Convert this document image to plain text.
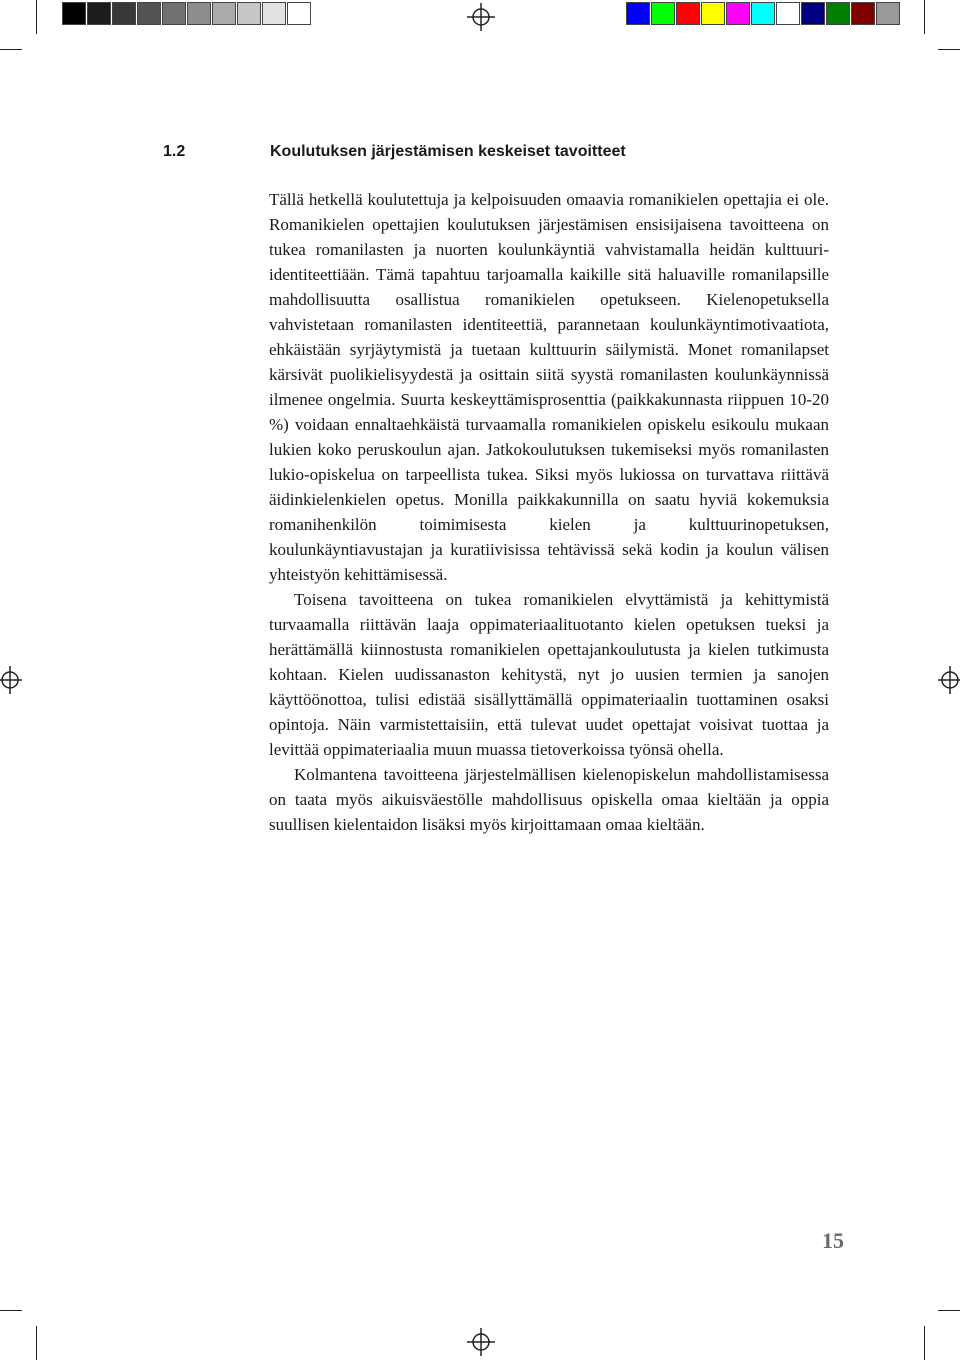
1.2	Koulutuksen järjestämisen keskeiset tavoitteet

Tällä hetkellä koulutettuja ja kelpoisuuden omaavia romanikielen opettajia ei ole. Romanikielen opettajien koulutuksen järjestämisen ensisijaisena tavoitteena on tukea romanilasten ja nuorten koulunkäyntiä vahvistamalla heidän kulttuuri-identiteettiään. Tämä tapahtuu tarjoamalla kaikille sitä haluaville romanilapsille mahdollisuutta osallistua romanikielen opetukseen. Kielenopetuksella vahvistetaan romanilasten identiteettiä, parannetaan koulunkäyntimotivaatiota, ehkäistään syrjäytymistä ja tuetaan kulttuurin säilymistä. Monet romanilapset kärsivät puolikielisyydestä ja osittain siitä syystä romanilasten koulunkäynnissä ilmenee ongelmia. Suurta keskeyttämisprosenttia (paikkakunnasta riippuen 10-20 %) voidaan ennaltaehkäistä turvaamalla romanikielen opiskelu esikoulu mukaan lukien koko peruskoulun ajan. Jatkokoulutuksen tukemiseksi myös romanilasten lukio-opiskelua on tarpeellista tukea. Siksi myös lukiossa on turvattava riittävä äidinkielenkielen opetus. Monilla paikkakunnilla on saatu hyviä kokemuksia romanihenkilön toimimisesta kielen ja kulttuurinopetuksen, koulunkäyntiavustajan ja kuratiivisissa tehtävissä sekä kodin ja koulun välisen yhteistyön kehittämisessä.

Toisena tavoitteena on tukea romanikielen elvyttämistä ja kehittymistä turvaamalla riittävän laaja oppimateriaalituotanto kielen opetuksen tueksi ja herättämällä kiinnostusta romanikielen opettajankoulutusta ja kielen tutkimusta kohtaan. Kielen uudissanaston kehitystä, nyt jo uusien termien ja sanojen käyttöönottoa, tulisi edistää sisällyttämällä oppimateriaalin tuottaminen osaksi opintoja. Näin varmistettaisiin, että tulevat uudet opettajat voisivat tuottaa ja levittää oppimateriaalia muun muassa tietoverkoissa työnsä ohella.

Kolmantena tavoitteena järjestelmällisen kielenopiskelun mahdollistamisessa on taata myös aikuisväestölle mahdollisuus opiskella omaa kieltään ja oppia suullisen kielentaidon lisäksi myös kirjoittamaan omaa kieltään.

15
